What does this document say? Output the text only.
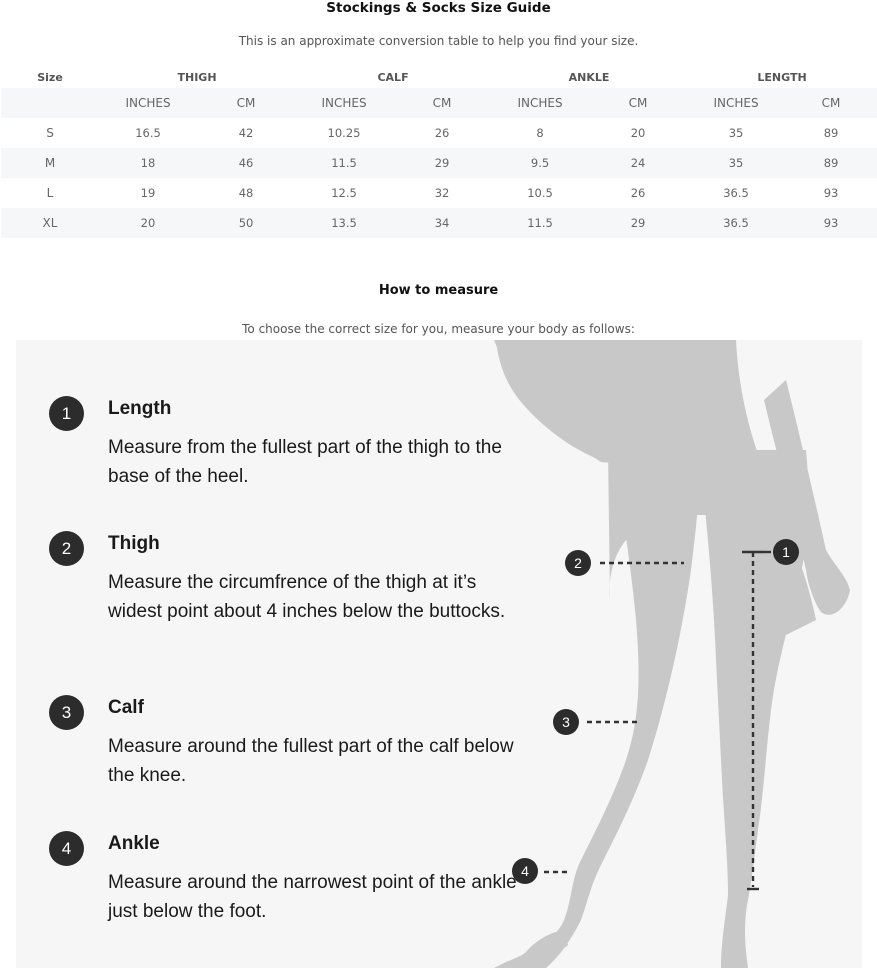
Stockings & Socks Size Guide
This is an approximate conversion table to help you find your size.
Size	THIGH		CALF		ANKLE		LENGTH	
	INCHES	CM	INCHES	CM	INCHES	CM	INCHES	CM
S	16.5	42	10.25	26	8	20	35	89
M	18	46	11.5	29	9.5	24	35	89
L	19	48	12.5	32	10.5	26	36.5	93
XL	20	50	13.5	34	11.5	29	36.5	93
How to measure
To choose the correct size for you, measure your body as follows:
1
2
3
4
1	Length
Measure from the fullest part of the thigh to the base of the heel.
2	Thigh
Measure the circumfrence of the thigh at it’s widest point about 4 inches below the buttocks.
3	Calf
Measure around the fullest part of the calf below the knee.
4	Ankle
Measure around the narrowest point of the ankle just below the foot.
